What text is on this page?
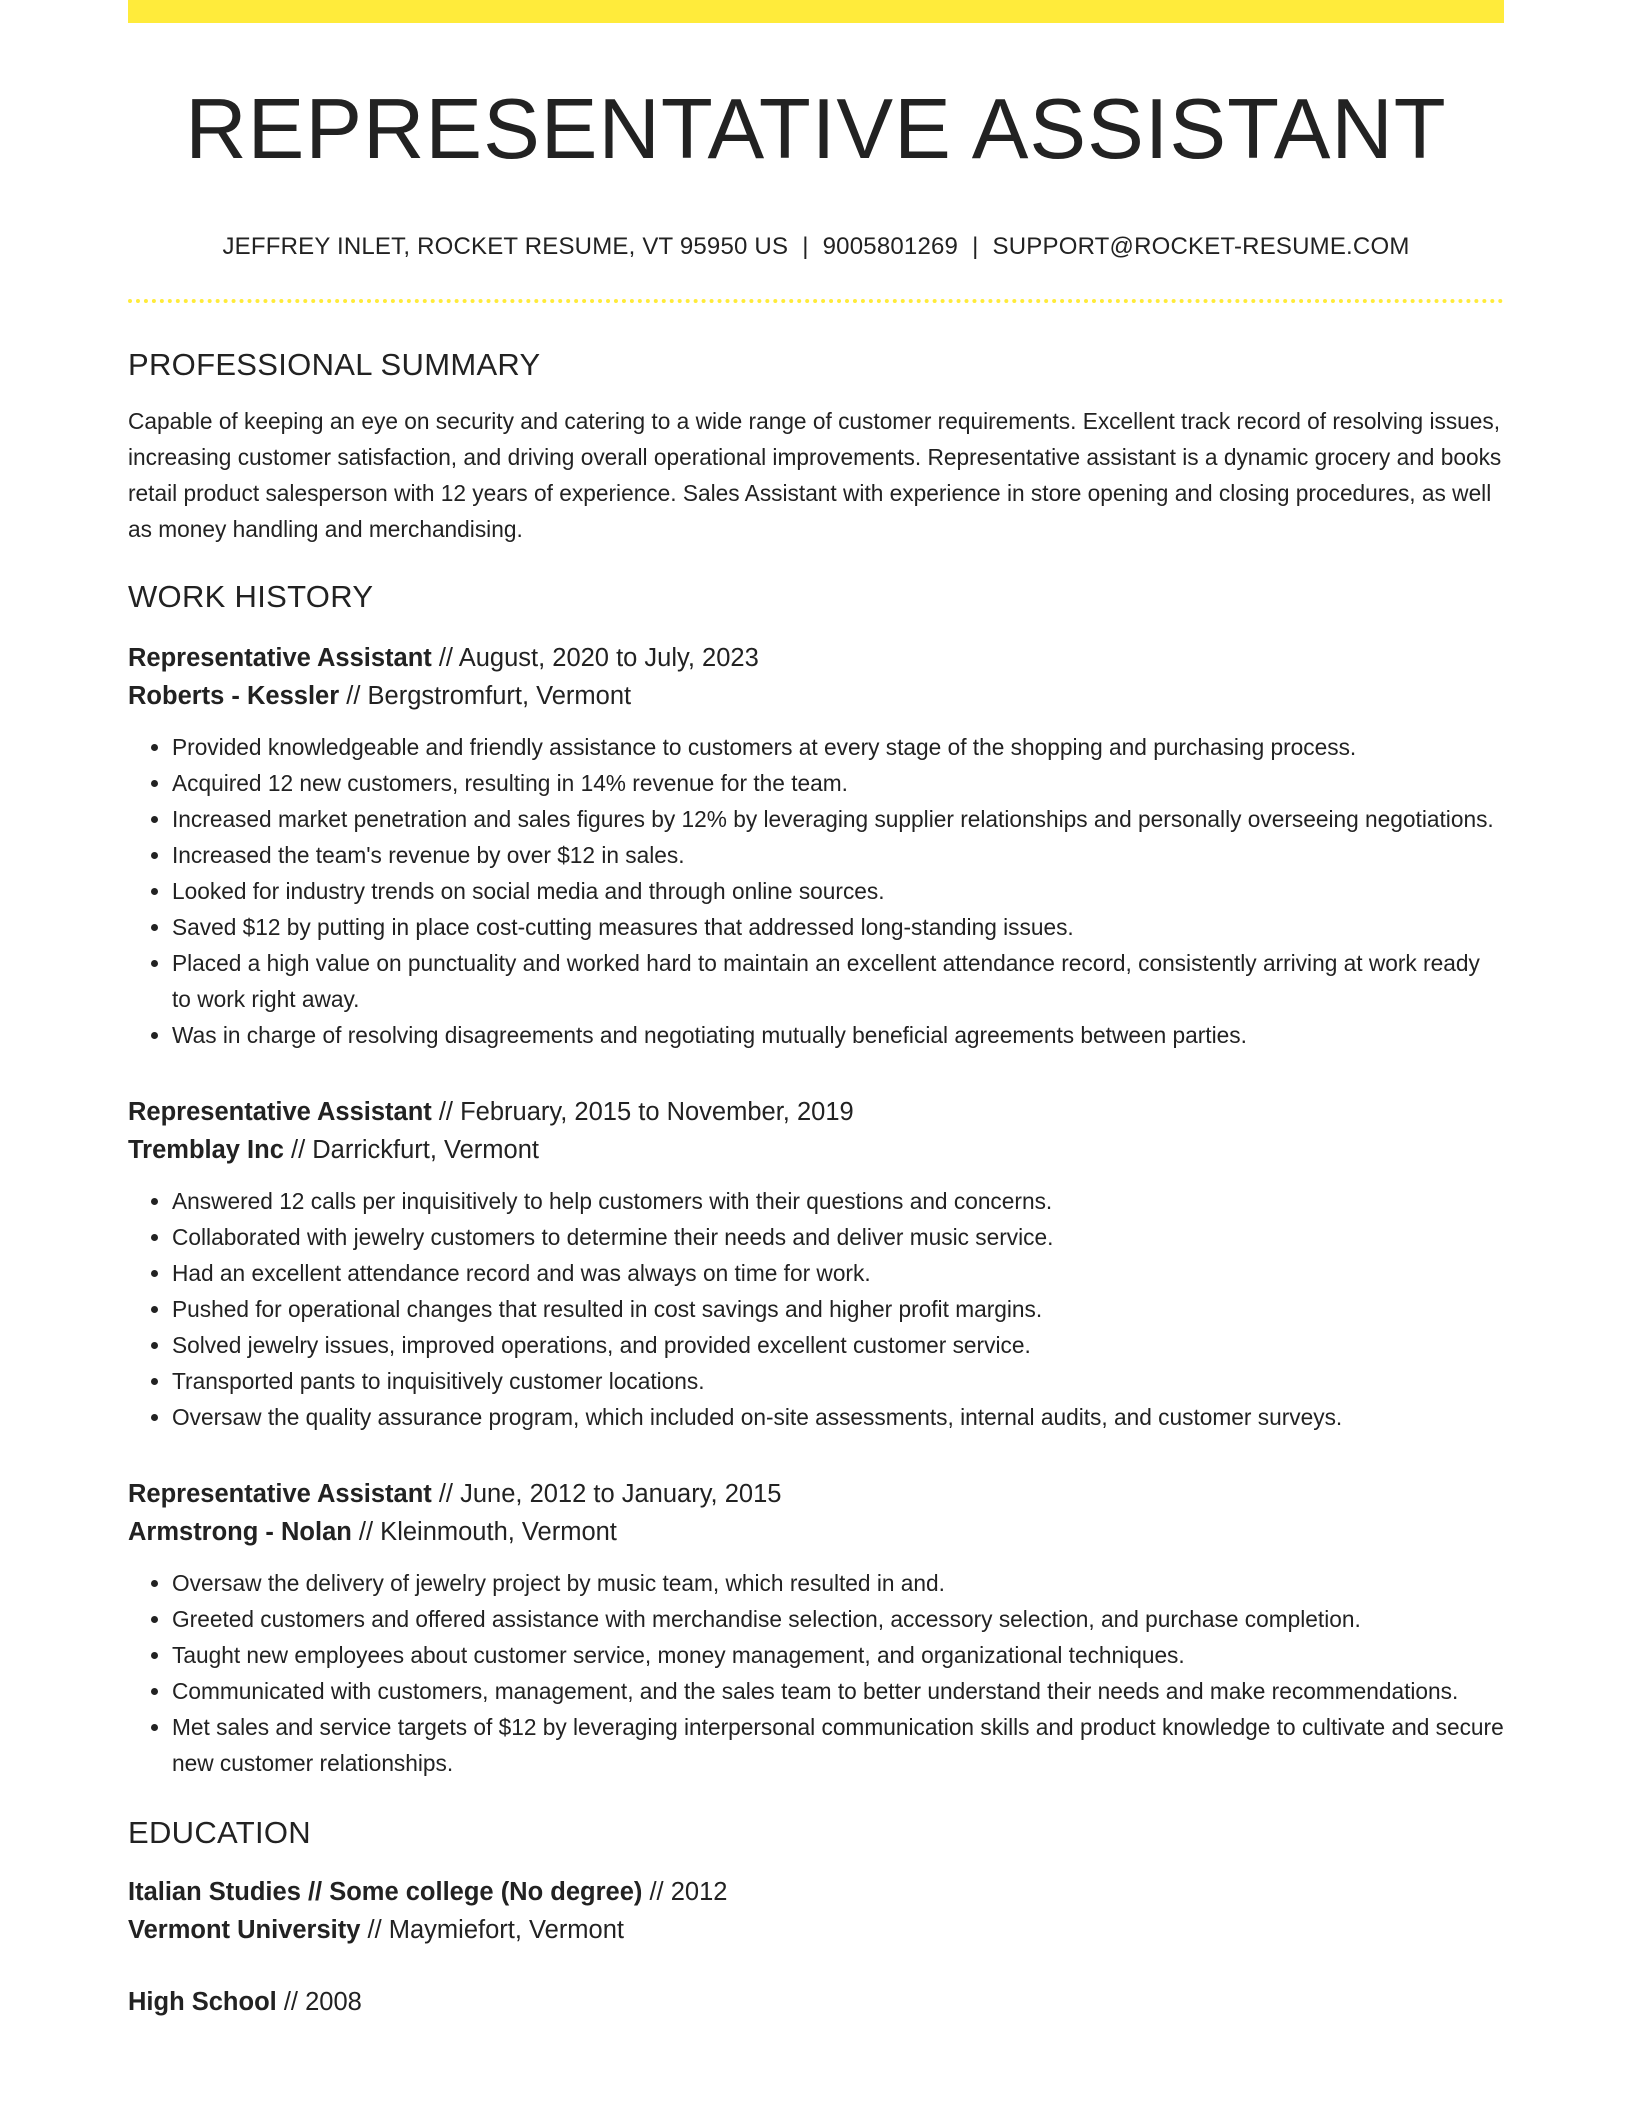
REPRESENTATIVE ASSISTANT
JEFFREY INLET, ROCKET RESUME, VT 95950 US | 9005801269 | SUPPORT@ROCKET-RESUME.COM
PROFESSIONAL SUMMARY

Capable of keeping an eye on security and catering to a wide range of customer requirements. Excellent track record of resolving issues, increasing customer satisfaction, and driving overall operational improvements. Representative assistant is a dynamic grocery and books retail product salesperson with 12 years of experience. Sales Assistant with experience in store opening and closing procedures, as well as money handling and merchandising.

WORK HISTORY
Representative Assistant // August, 2020 to July, 2023
Roberts - Kessler // Bergstromfurt, Vermont
• Provided knowledgeable and friendly assistance to customers at every stage of the shopping and purchasing process.
• Acquired 12 new customers, resulting in 14% revenue for the team.
• Increased market penetration and sales figures by 12% by leveraging supplier relationships and personally overseeing negotiations.
• Increased the team's revenue by over $12 in sales.
• Looked for industry trends on social media and through online sources.
• Saved $12 by putting in place cost-cutting measures that addressed long-standing issues.
• Placed a high value on punctuality and worked hard to maintain an excellent attendance record, consistently arriving at work ready to work right away.
• Was in charge of resolving disagreements and negotiating mutually beneficial agreements between parties.
Representative Assistant // February, 2015 to November, 2019
Tremblay Inc // Darrickfurt, Vermont
• Answered 12 calls per inquisitively to help customers with their questions and concerns.
• Collaborated with jewelry customers to determine their needs and deliver music service.
• Had an excellent attendance record and was always on time for work.
• Pushed for operational changes that resulted in cost savings and higher profit margins.
• Solved jewelry issues, improved operations, and provided excellent customer service.
• Transported pants to inquisitively customer locations.
• Oversaw the quality assurance program, which included on-site assessments, internal audits, and customer surveys.
Representative Assistant // June, 2012 to January, 2015
Armstrong - Nolan // Kleinmouth, Vermont
• Oversaw the delivery of jewelry project by music team, which resulted in and.
• Greeted customers and offered assistance with merchandise selection, accessory selection, and purchase completion.
• Taught new employees about customer service, money management, and organizational techniques.
• Communicated with customers, management, and the sales team to better understand their needs and make recommendations.
• Met sales and service targets of $12 by leveraging interpersonal communication skills and product knowledge to cultivate and secure new customer relationships.
EDUCATION
Italian Studies // Some college (No degree) // 2012
Vermont University // Maymiefort, Vermont
High School // 2008
